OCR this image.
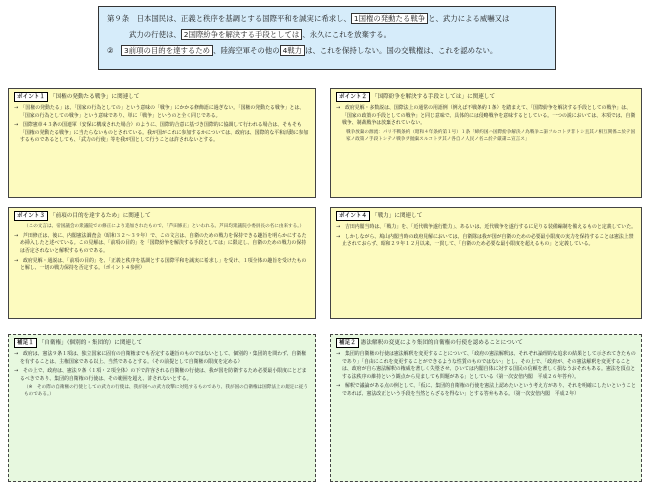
第９条　日本国民は、正義と秩序を基調とする国際平和を誠実に希求し、 1国権の発動たる戦争 と、武力による威嚇又は
武力の行使は、 2国際紛争を解決する手段としては 、永久にこれを放棄する。
②　 3前項の目的を達するため 、陸海空軍その他の 4戦力 は、これを保持しない。国の交戦権は、これを認めない。
ポイント１ 「国権の発動たる戦争」に関連して

→　「国権の発動たる」は、「国家の行為としての」という意味の「戦争」にかかる修飾語に過ぎない。「国権の発動たる戦争」とは、「国家の行為としての戦争」という意味であり、単に「戦争」というのと全く同じである。

→　国際憲章４３条の国連軍（安保に構成された場合）のように、国際的合意に基づき国際的に協調して行われる場合は、そもそも「国権の発動たる戦争」に当たらないものとされている。我が国がこれに参加するかについては、政府は、国際的な平和活動に参加するものであるとしても、「武力の行使」等を我が国として行うことは許されないとする。

ポイント２ 「国際紛争を解決する手段としては」に関連して

→　政府見解・多数説は、国際法上の通常の用語例（例えば不戦条約１条）を踏まえて、「国際紛争を解決する手段としての戦争」は、「国家の政策の手段としての戦争」と同じ意味で、具体的には侵略戦争を意味するとしている。一つの説においては、本項では、自衛戦争、制裁戦争は放棄されていない。

戦争放棄の源流：パリ不戦条約（昭和４年条約第１号）１条「締約国ハ国際紛争解決ノ為戦争ニ訴フルコトヲ非トシ且其ノ相互関係ニ於テ国家ノ政策ノ手段トシテノ戦争ヲ抛棄スルコトヲ其ノ各自ノ人民ノ名ニ於テ厳粛ニ宣言ス」

ポイント３ 「前項の目的を達するため」に関連して

（この文言は、帝国議会の衆議院での修正により追加されたもので、「芦田修正」といわれる。芦田均衆議院小委員長の名に由来する。）

→　芦田修正は、後に、内閣憲法調査会（昭和３２～３９年）で、この文言は、自衛のための戦力を保持できる趣旨を明らかにするため挿入したと述べている。この見解は、「前項の目的」を「国際紛争を解決する手段としては」に限定し、自衛のための戦力の保持は否定されないと解釈するものである。

→　政府見解・通説は、「前項の目的」を、「正義と秩序を基調とする国際平和を誠実に希求し」を受け、１項全体の趣旨を受けたものと解し、一切の戦力保持を否定する。（ポイント４参照）

ポイント４ 「戦力」に関連して

→　吉田内閣当時は、「戦力」を、「近代戦争遂行能力」、あるいは、近代戦争を遂行するに足りる装備編制を備えるものと定義していた。

→　しかしながら、鳩山内閣当時の政府見解においては、自衛隊は我が国が自衛のための必要最小限度の実力を保持することは憲法上禁止されておらず、昭和２９年１２月以来、一貫して、「自衛のため必要な最小限度を超えるもの」と定義している。

補足１ 「自衛権」（個別的・集団的）に関連して

→　政府は、憲法９条１項は、独立国家に固有の自衛権までも否定する趣旨のものではないとして、個別的・集団的を問わず、自衛権を有することは、主権国家である以上、当然であるとする。（その前提として自衛権の限度を定める）

→　その上で、政府は、憲法９条（１項・２項全体）の下で許容される自衛権の行使は、我が国を防衛するため必要最小限度にとどまるべきであり、集団的自衛権の行使は、その範囲を超え、許されないとする。

（※　その際の自衛権の行使としての武力の行使は、我が国への武力攻撃に対処するものであり、我が国の自衛権は国際法上の規定に従うものである。）

補足２ 憲法解釈の変更により集団的自衛権の行使を認めることについて

→　集団的自衛権の行使は憲法解釈を変更することについて、「政府の憲法解釈は、それぞれ論理的な追求の結果として示されてきたものであり」「自由にこれを変更することができるような性質のものではない」とし、その上で、「政府が、その憲法解釈を変更することは、政府が自ら憲法解釈の権威を著しく失墜させ、ひいては内閣自体に対する国民の信頼を著しく損なうおそれもある。憲法を頂点とする法秩序の維持という観点から見ましても問題がある」としている（第一次安倍内閣　平成２６年答弁）。

→　解釈で議論がある点の例として、「仮に、集団的自衛権の行使を憲法上認めたいという考え方があり、それを明確にしたいということであれば、憲法改正という手段を当然とらざるを得ない」とする答弁もある。（第一次安倍内閣　平成２年）
